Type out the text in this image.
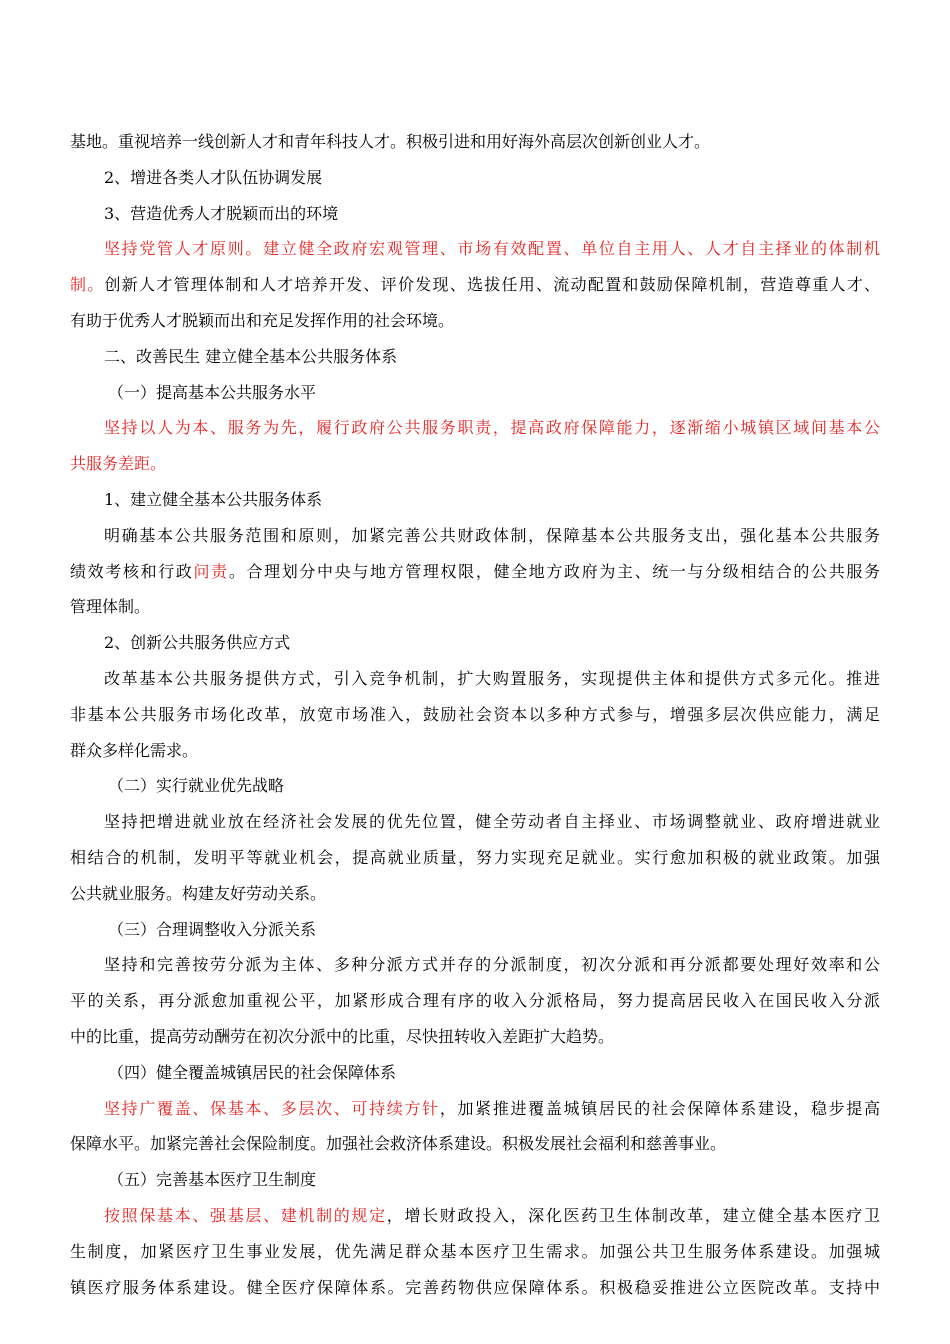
基地。重视培养一线创新人才和青年科技人才。积极引进和用好海外高层次创新创业人才。
2、增进各类人才队伍协调发展
3、营造优秀人才脱颖而出的环境
坚持党管人才原则。建立健全政府宏观管理、市场有效配置、单位自主用人、人才自主择业的体制机
制。创新人才管理体制和人才培养开发、评价发现、选拔任用、流动配置和鼓励保障机制，营造尊重人才、
有助于优秀人才脱颖而出和充足发挥作用的社会环境。
二、改善民生 建立健全基本公共服务体系
（一）提高基本公共服务水平
坚持以人为本、服务为先，履行政府公共服务职责，提高政府保障能力，逐渐缩小城镇区域间基本公
共服务差距。
1、建立健全基本公共服务体系
明确基本公共服务范围和原则，加紧完善公共财政体制，保障基本公共服务支出，强化基本公共服务
绩效考核和行政问责。合理划分中央与地方管理权限，健全地方政府为主、统一与分级相结合的公共服务
管理体制。
2、创新公共服务供应方式
改革基本公共服务提供方式，引入竞争机制，扩大购置服务，实现提供主体和提供方式多元化。推进
非基本公共服务市场化改革，放宽市场准入，鼓励社会资本以多种方式参与，增强多层次供应能力，满足
群众多样化需求。
（二）实行就业优先战略
坚持把增进就业放在经济社会发展的优先位置，健全劳动者自主择业、市场调整就业、政府增进就业
相结合的机制，发明平等就业机会，提高就业质量，努力实现充足就业。实行愈加积极的就业政策。加强
公共就业服务。构建友好劳动关系。
（三）合理调整收入分派关系
坚持和完善按劳分派为主体、多种分派方式并存的分派制度，初次分派和再分派都要处理好效率和公
平的关系，再分派愈加重视公平，加紧形成合理有序的收入分派格局，努力提高居民收入在国民收入分派
中的比重，提高劳动酬劳在初次分派中的比重，尽快扭转收入差距扩大趋势。
（四）健全覆盖城镇居民的社会保障体系
坚持广覆盖、保基本、多层次、可持续方针，加紧推进覆盖城镇居民的社会保障体系建设，稳步提高
保障水平。加紧完善社会保险制度。加强社会救济体系建设。积极发展社会福利和慈善事业。
（五）完善基本医疗卫生制度
按照保基本、强基层、建机制的规定，增长财政投入，深化医药卫生体制改革，建立健全基本医疗卫
生制度，加紧医疗卫生事业发展，优先满足群众基本医疗卫生需求。加强公共卫生服务体系建设。加强城
镇医疗服务体系建设。健全医疗保障体系。完善药物供应保障体系。积极稳妥推进公立医院改革。支持中
